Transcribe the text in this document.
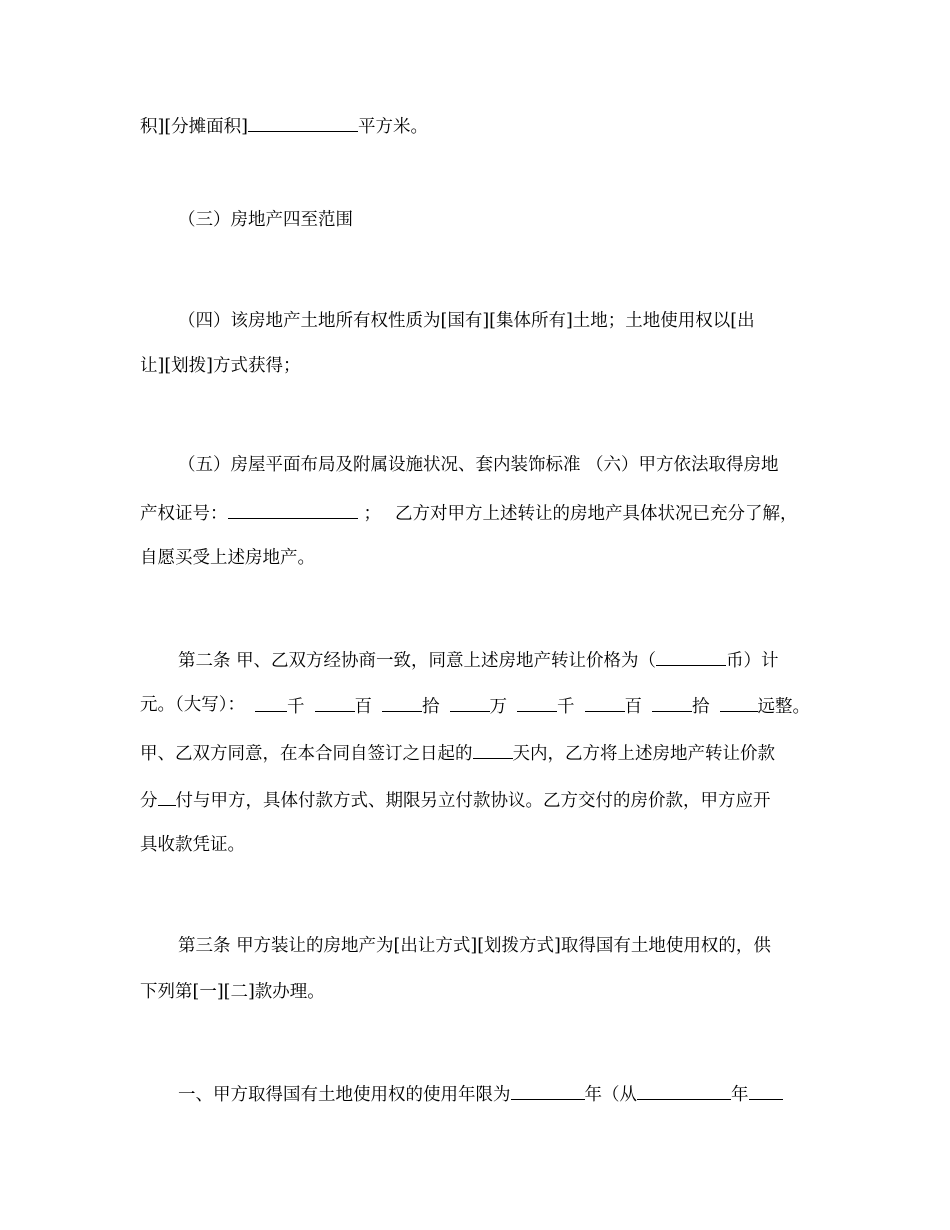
积][分摊面积]	平方米。
（三）房地产四至范围
（四）该房地产土地所有权性质为[国有][集体所有]土地；土地使用权以[出
让][划拨]方式获得；
（五）房屋平面布局及附属设施状况、套内装饰标准 （六）甲方依法取得房地
产权证号：	； 乙方对甲方上述转让的房地产具体状况已充分了解，
自愿买受上述房地产。
第二条 甲、乙双方经协商一致，同意上述房地产转让价格为（	币）计
元。（大写）：	千	百	拾	万	千	百	拾	远整。
甲、乙双方同意，在本合同自签订之日起的 天内，乙方将上述房地产转让价款
分 付与甲方，具体付款方式、期限另立付款协议。乙方交付的房价款，甲方应开
具收款凭证。
第三条 甲方装让的房地产为[出让方式][划拨方式]取得国有土地使用权的，供
下列第[一][二]款办理。
一、甲方取得国有土地使用权的使用年限为	年（从	年
